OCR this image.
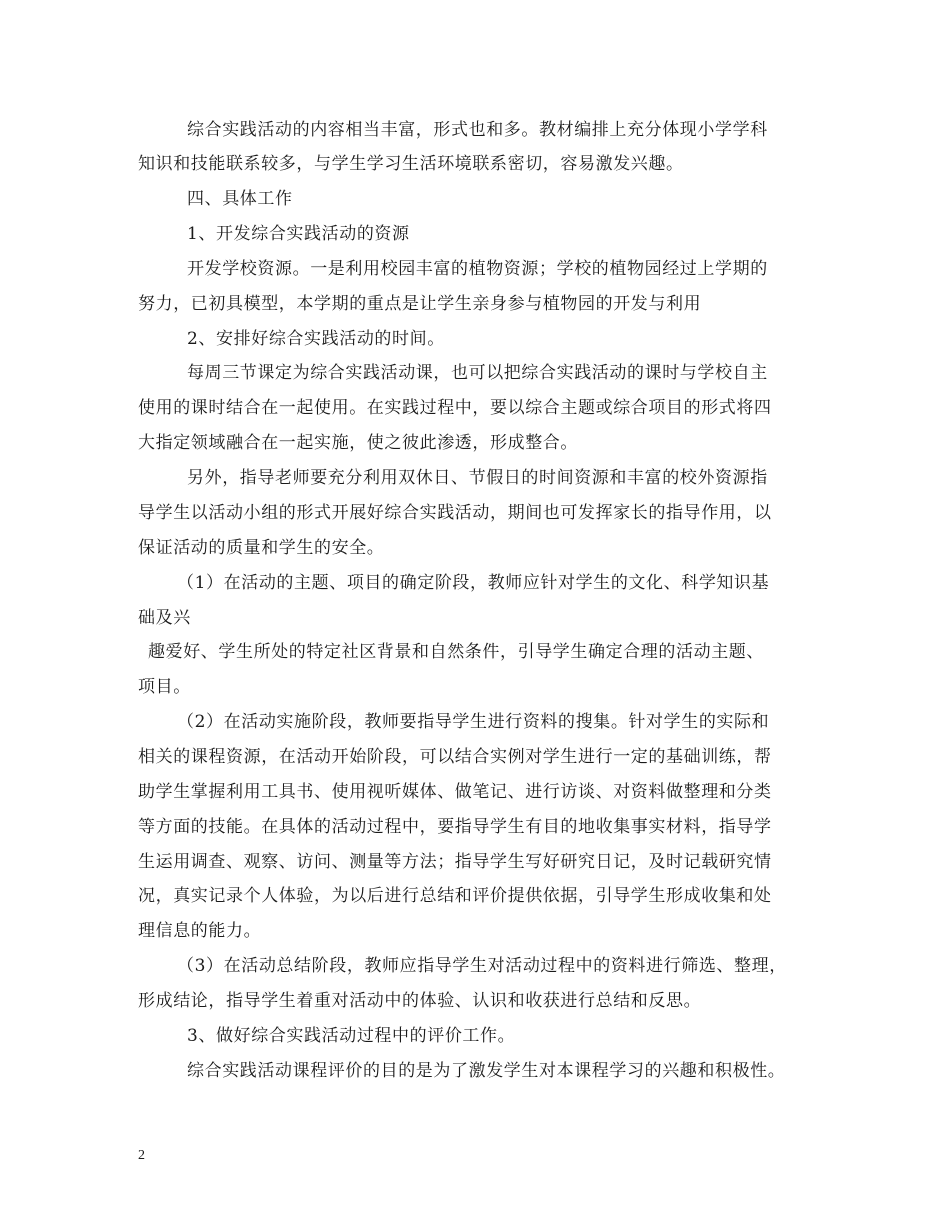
综合实践活动的内容相当丰富，形式也和多。教材编排上充分体现小学学科
知识和技能联系较多，与学生学习生活环境联系密切，容易激发兴趣。
四、具体工作
1、开发综合实践活动的资源
开发学校资源。一是利用校园丰富的植物资源；学校的植物园经过上学期的
努力，已初具模型，本学期的重点是让学生亲身参与植物园的开发与利用
2、安排好综合实践活动的时间。
每周三节课定为综合实践活动课，也可以把综合实践活动的课时与学校自主
使用的课时结合在一起使用。在实践过程中，要以综合主题或综合项目的形式将四
大指定领域融合在一起实施，使之彼此渗透，形成整合。
另外，指导老师要充分利用双休日、节假日的时间资源和丰富的校外资源指
导学生以活动小组的形式开展好综合实践活动，期间也可发挥家长的指导作用，以
保证活动的质量和学生的安全。
（1）在活动的主题、项目的确定阶段，教师应针对学生的文化、科学知识基
础及兴
趣爱好、学生所处的特定社区背景和自然条件，引导学生确定合理的活动主题、
项目。
（2）在活动实施阶段，教师要指导学生进行资料的搜集。针对学生的实际和
相关的课程资源，在活动开始阶段，可以结合实例对学生进行一定的基础训练，帮
助学生掌握利用工具书、使用视听媒体、做笔记、进行访谈、对资料做整理和分类
等方面的技能。在具体的活动过程中，要指导学生有目的地收集事实材料，指导学
生运用调查、观察、访问、测量等方法；指导学生写好研究日记，及时记载研究情
况，真实记录个人体验，为以后进行总结和评价提供依据，引导学生形成收集和处
理信息的能力。
（3）在活动总结阶段，教师应指导学生对活动过程中的资料进行筛选、整理，
形成结论，指导学生着重对活动中的体验、认识和收获进行总结和反思。
3、做好综合实践活动过程中的评价工作。
综合实践活动课程评价的目的是为了激发学生对本课程学习的兴趣和积极性。
2
